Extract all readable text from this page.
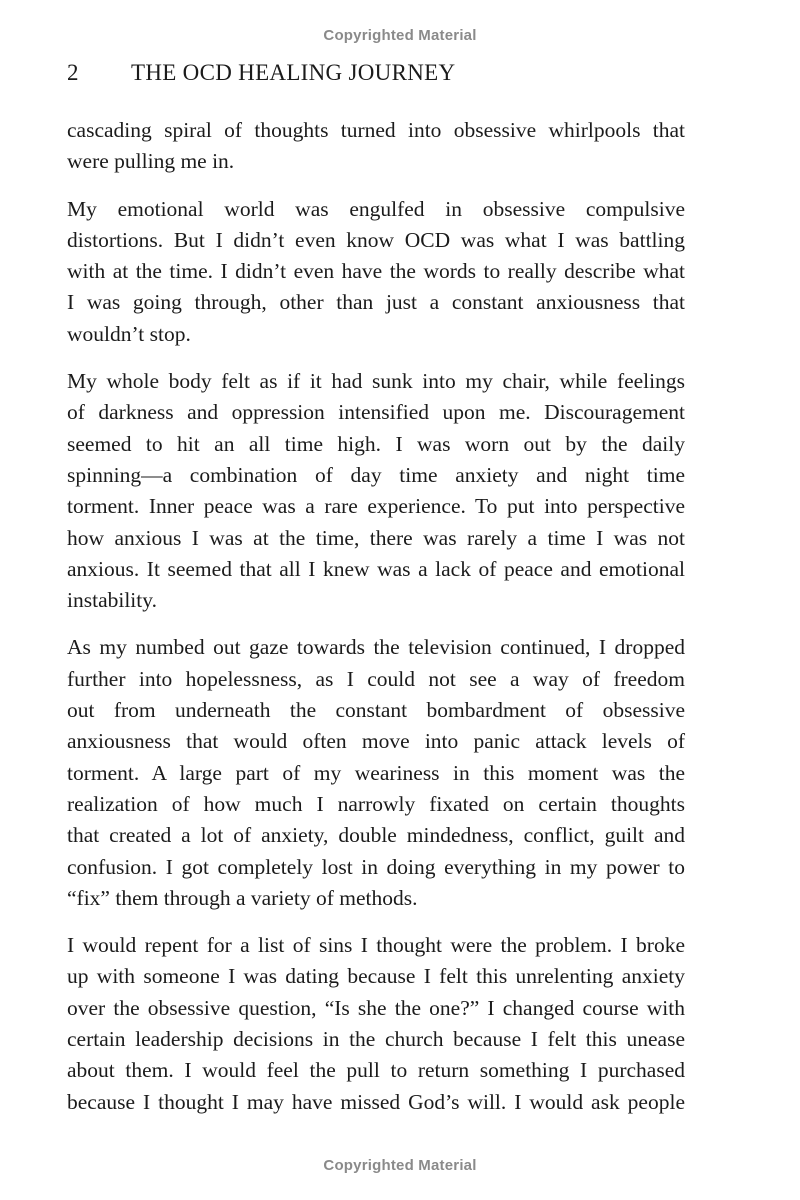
Copyrighted Material
2	THE OCD HEALING JOURNEY

cascading spiral of thoughts turned into obsessive whirlpools that
were pulling me in.

My emotional world was engulfed in obsessive compulsive
distortions. But I didn’t even know OCD was what I was battling
with at the time. I didn’t even have the words to really describe what
I was going through, other than just a constant anxiousness that
wouldn’t stop.

My whole body felt as if it had sunk into my chair, while feelings
of darkness and oppression intensified upon me. Discouragement
seemed to hit an all time high. I was worn out by the daily
spinning—a combination of day time anxiety and night time
torment. Inner peace was a rare experience. To put into perspective
how anxious I was at the time, there was rarely a time I was not
anxious. It seemed that all I knew was a lack of peace and emotional
instability.

As my numbed out gaze towards the television continued, I dropped
further into hopelessness, as I could not see a way of freedom
out from underneath the constant bombardment of obsessive
anxiousness that would often move into panic attack levels of
torment. A large part of my weariness in this moment was the
realization of how much I narrowly fixated on certain thoughts
that created a lot of anxiety, double mindedness, conflict, guilt and
confusion. I got completely lost in doing everything in my power to
“fix” them through a variety of methods.

I would repent for a list of sins I thought were the problem. I broke
up with someone I was dating because I felt this unrelenting anxiety
over the obsessive question, “Is she the one?” I changed course with
certain leadership decisions in the church because I felt this unease
about them. I would feel the pull to return something I purchased
because I thought I may have missed God’s will. I would ask people

Copyrighted Material
